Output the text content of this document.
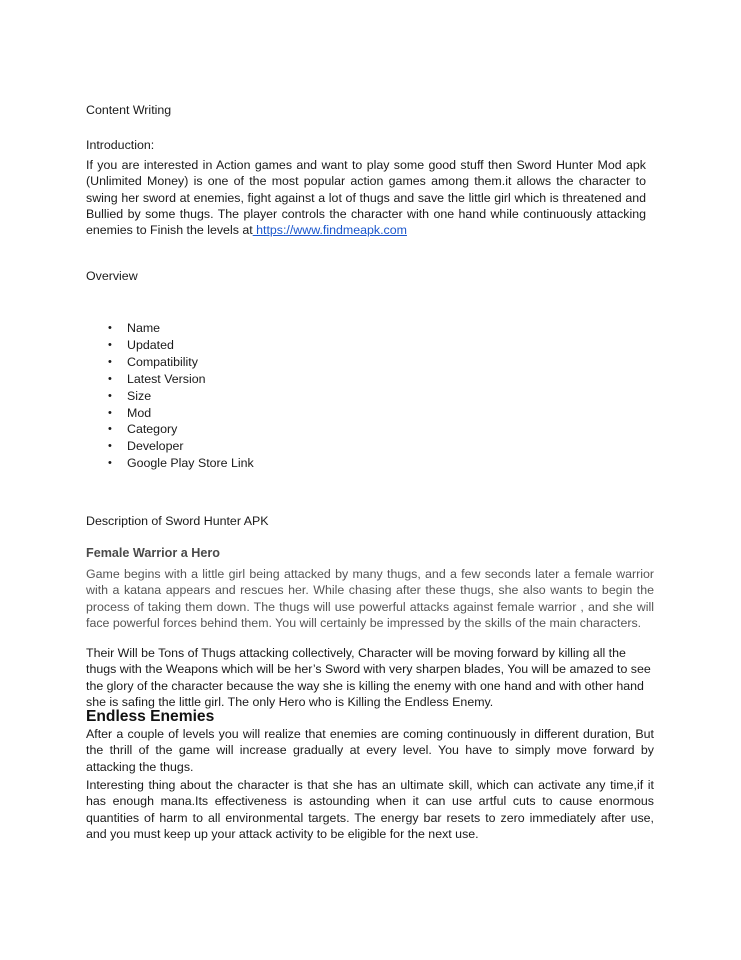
Content Writing
Introduction:

If you are interested in Action games and want to play some good stuff then Sword Hunter Mod apk (Unlimited Money) is one of the most popular action games among them.it allows the character to swing her sword at enemies, fight against a lot of thugs and save the little girl which is threatened and Bullied by some thugs. The player controls the character with one hand while continuously attacking enemies to Finish the levels at https://www.findmeapk.com

Overview
• Name
• Updated
• Compatibility
• Latest Version
• Size
• Mod
• Category
• Developer
• Google Play Store Link
Description of Sword Hunter APK
Female Warrior a Hero

Game begins with a little girl being attacked by many thugs, and a few seconds later a female warrior with a katana appears and rescues her. While chasing after these thugs, she also wants to begin the process of taking them down. The thugs will use powerful attacks against female warrior , and she will face powerful forces behind them. You will certainly be impressed by the skills of the main characters.

Their Will be Tons of Thugs attacking collectively, Character will be moving forward by killing all the thugs with the Weapons which will be her’s Sword with very sharpen blades, You will be amazed to see the glory of the character because the way she is killing the enemy with one hand and with other hand she is safing the little girl. The only Hero who is Killing the Endless Enemy.

Endless Enemies

After a couple of levels you will realize that enemies are coming continuously in different duration, But the thrill of the game will increase gradually at every level. You have to simply move forward by attacking the thugs.

Interesting thing about the character is that she has an ultimate skill, which can activate any time,if it has enough mana.Its effectiveness is astounding when it can use artful cuts to cause enormous quantities of harm to all environmental targets. The energy bar resets to zero immediately after use, and you must keep up your attack activity to be eligible for the next use.
